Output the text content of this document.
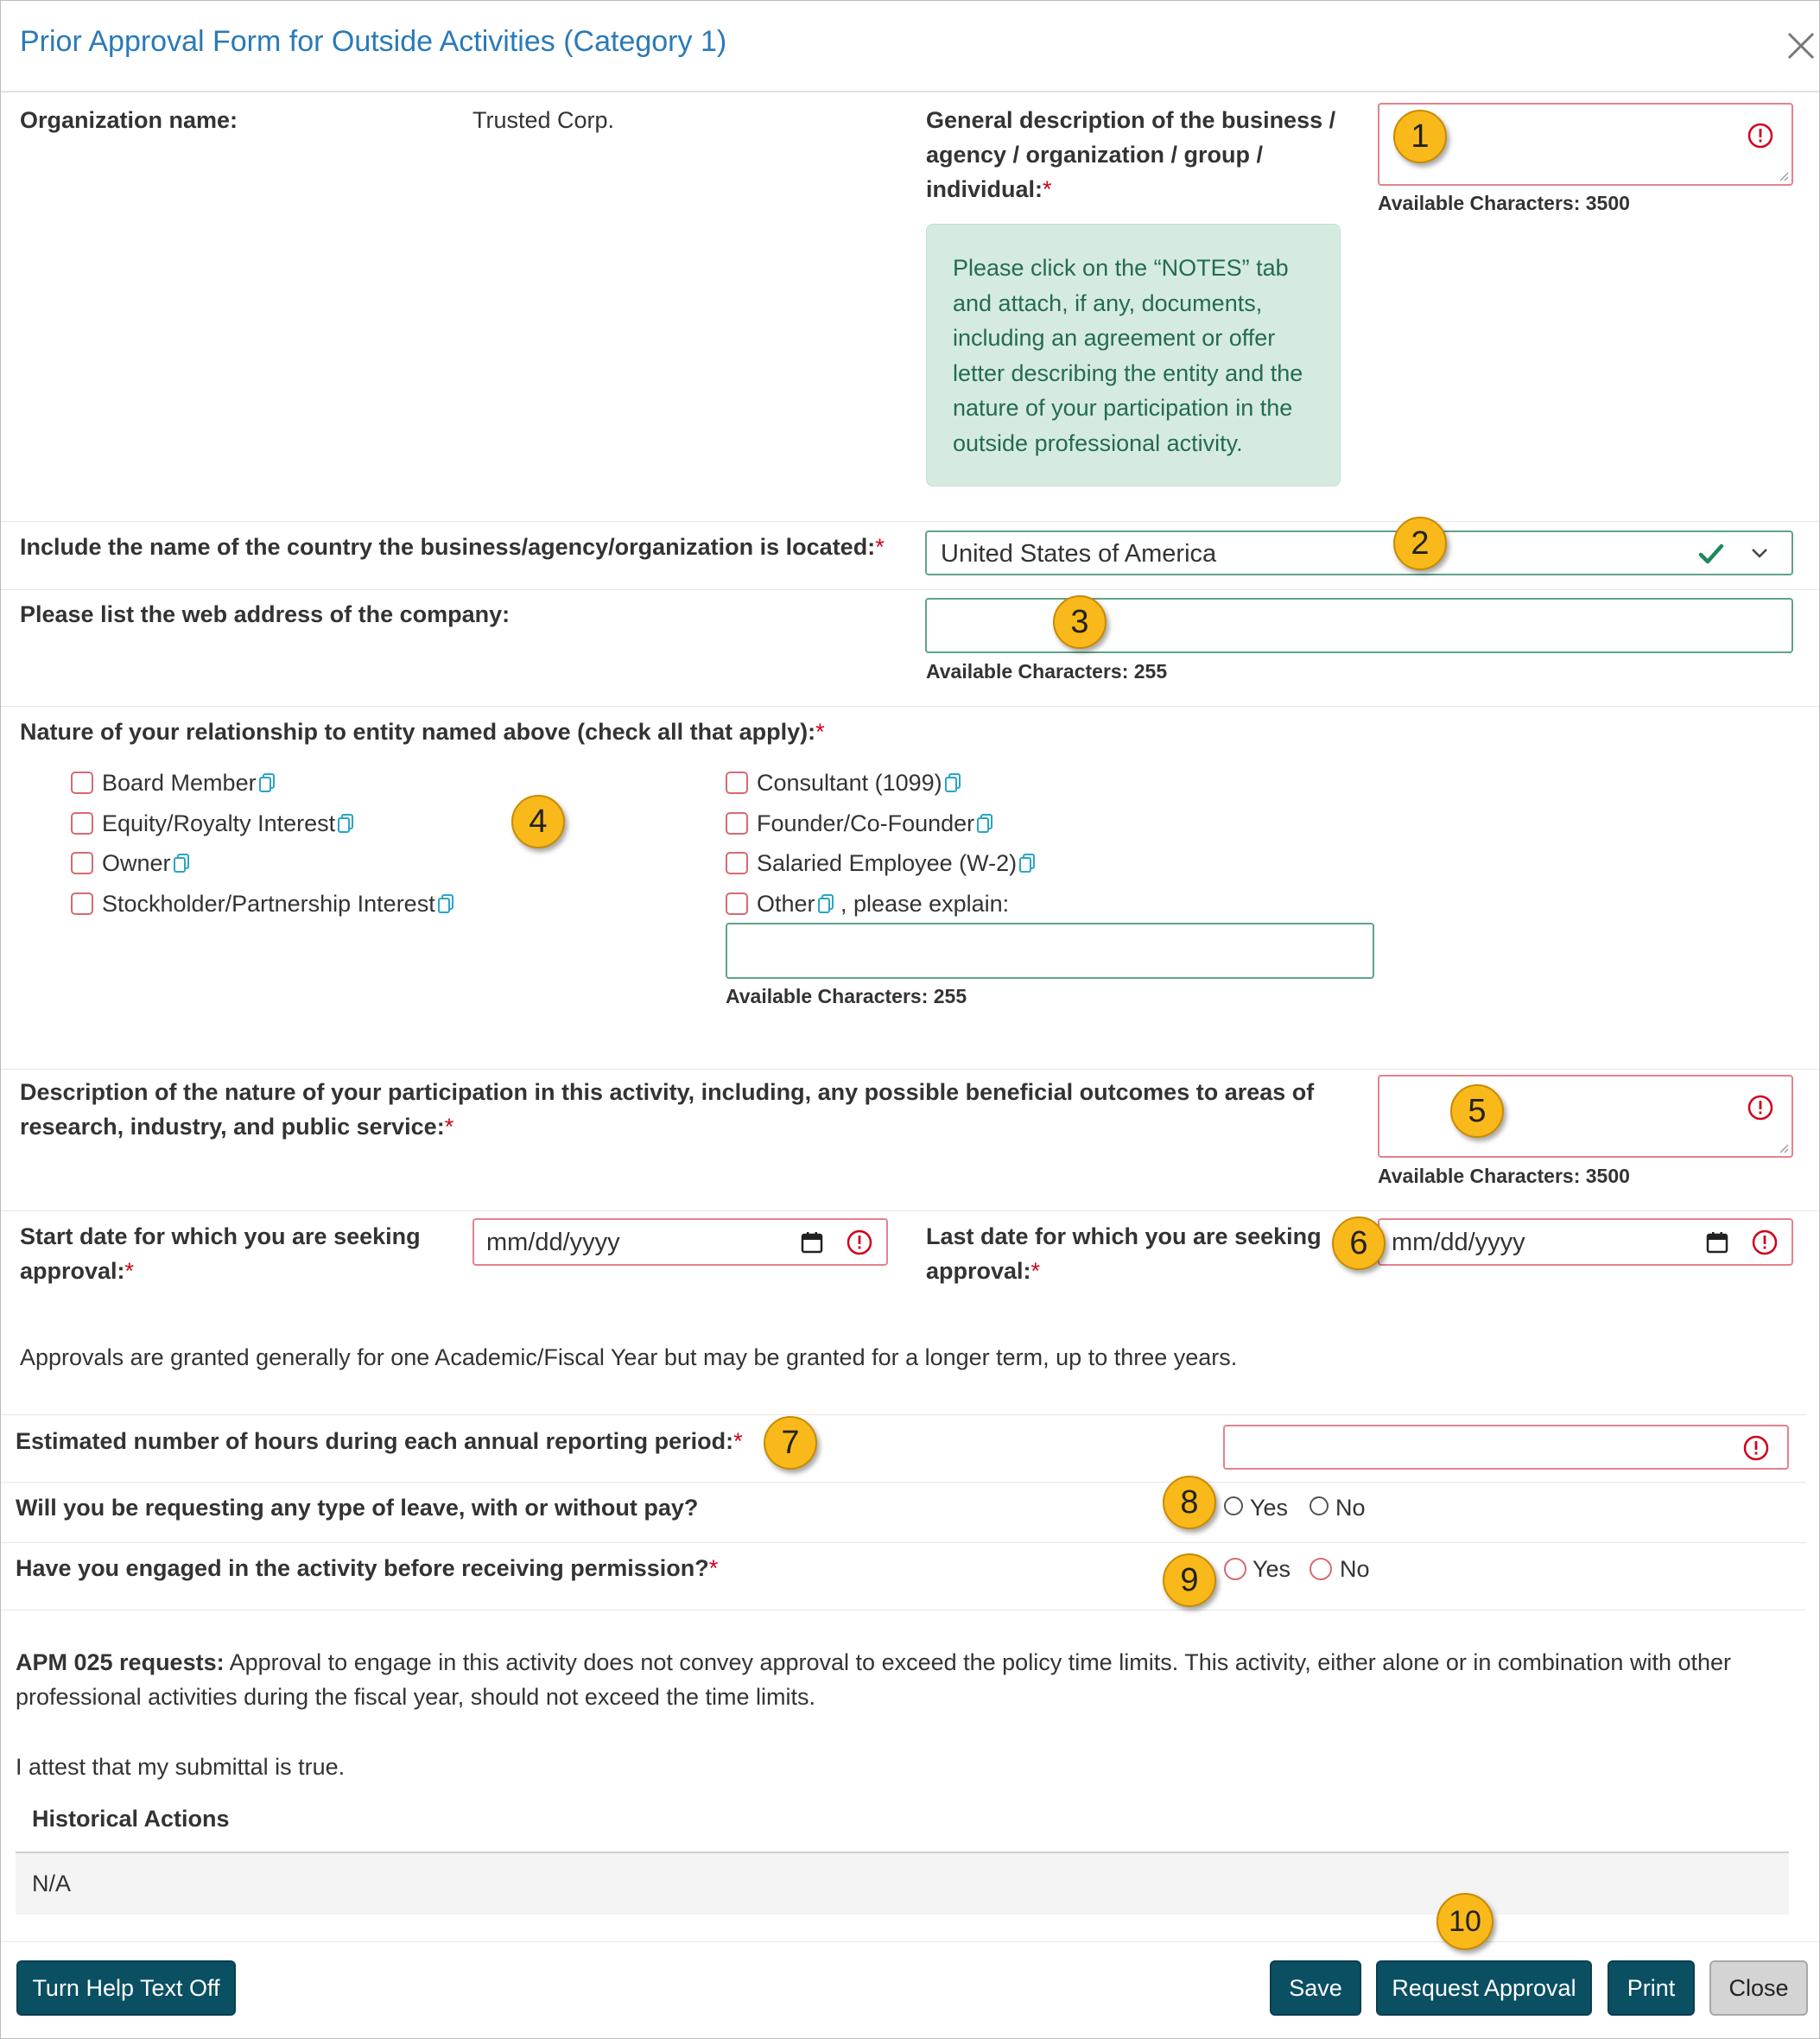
Prior Approval Form for Outside Activities (Category 1)
Organization name:	Trusted Corp.	General description of the business / agency / organization / group / individual:*
Available Characters: 3500
Please click on the “NOTES” tab and attach, if any, documents, including an agreement or offer letter describing the entity and the nature of your participation in the outside professional activity.
Include the name of the country the business/agency/organization is located:* United States of America
Please list the web address of the company:
Available Characters: 255
Nature of your relationship to entity named above (check all that apply):*
Board Member
Equity/Royalty Interest
Owner
Stockholder/Partnership Interest
Consultant (1099)
Founder/Co-Founder
Salaried Employee (W-2)
Other , please explain:
Available Characters: 255
Description of the nature of your participation in this activity, including, any possible beneficial outcomes to areas of research, industry, and public service:*
Available Characters: 3500
Start date for which you are seeking approval:*
mm/dd/yyyy	Last date for which you are seeking approval:*
mm/dd/yyyy
Approvals are granted generally for one Academic/Fiscal Year but may be granted for a longer term, up to three years.
Estimated number of hours during each annual reporting period:*
Will you be requesting any type of leave, with or without pay?	Yes No
Have you engaged in the activity before receiving permission?*	Yes No
APM 025 requests: Approval to engage in this activity does not convey approval to exceed the policy time limits. This activity, either alone or in combination with other professional activities during the fiscal year, should not exceed the time limits.
I attest that my submittal is true.
Historical Actions
N/A
Turn Help Text Off	Save	Request Approval	Print	Close
1
2
3
4
5
6
7
8
9
10
